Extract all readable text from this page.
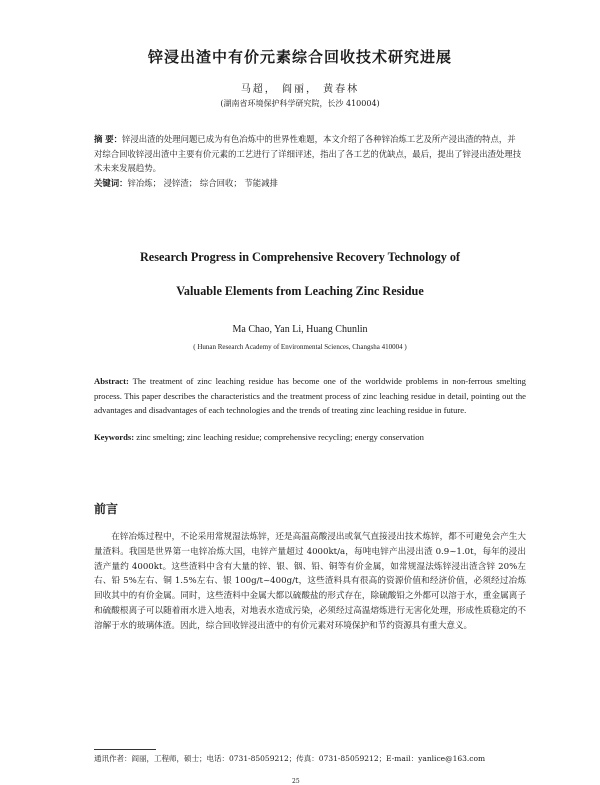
锌浸出渣中有价元素综合回收技术研究进展
马超， 阎丽， 黄春林
(湖南省环境保护科学研究院，长沙 410004)
摘 要：锌浸出渣的处理问题已成为有色冶炼中的世界性难题，本文介绍了各种锌冶炼工艺及所产浸出渣的特点，并对综合回收锌浸出渣中主要有价元素的工艺进行了详细评述，指出了各工艺的优缺点，最后，提出了锌浸出渣处理技术未来发展趋势。
关键词：锌冶炼； 浸锌渣； 综合回收； 节能减排
Research Progress in Comprehensive Recovery Technology of
Valuable Elements from Leaching Zinc Residue
Ma Chao, Yan Li, Huang Chunlin
( Hunan Research Academy of Environmental Sciences, Changsha 410004 )
Abstract: The treatment of zinc leaching residue has become one of the worldwide problems in non-ferrous smelting process. This paper describes the characteristics and the treatment process of zinc leaching residue in detail, pointing out the advantages and disadvantages of each technologies and the trends of treating zinc leaching residue in future.
Keywords: zinc smelting; zinc leaching residue; comprehensive recycling; energy conservation
前言
在锌冶炼过程中，不论采用常规湿法炼锌，还是高温高酸浸出或氧气直接浸出技术炼锌，都不可避免会产生大量渣料。我国是世界第一电锌冶炼大国，电锌产量超过 4000kt/a，每吨电锌产出浸出渣 0.9~1.0t，每年的浸出渣产量约 4000kt。这些渣料中含有大量的锌、银、铟、铅、铜等有价金属，如常规湿法炼锌浸出渣含锌 20%左右、铅 5%左右、铜 1.5%左右、银 100g/t~400g/t，这些渣料具有很高的资源价值和经济价值，必须经过冶炼回收其中的有价金属。同时，这些渣料中金属大都以硫酸盐的形式存在，除硫酸铅之外都可以溶于水，重金属离子和硫酸根离子可以随着雨水进入地表，对地表水造成污染，必须经过高温熔炼进行无害化处理，形成性质稳定的不溶解于水的玻璃体渣。因此，综合回收锌浸出渣中的有价元素对环境保护和节约资源具有重大意义。
通讯作者：阎丽，工程师，硕士；电话：0731-85059212；传真：0731-85059212；E-mail：yanlice@163.com
25
